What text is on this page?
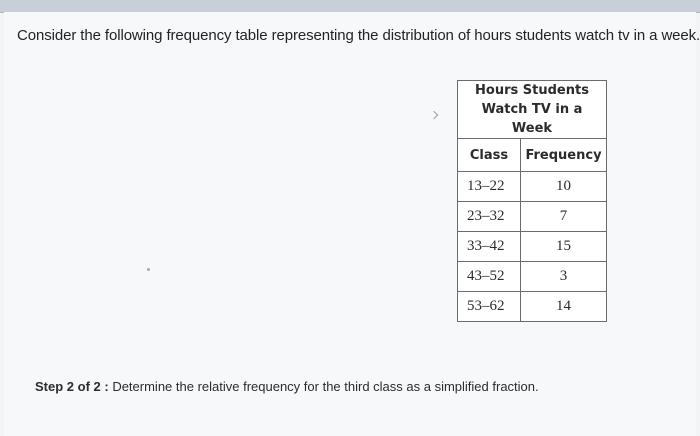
Consider the following frequency table representing the distribution of hours students watch tv in a week.
Hours Students
Watch TV in a Week	
Class	Frequency
13–22	10
23–32	7
33–42	15
43–52	3
53–62	14
Step 2 of 2 : Determine the relative frequency for the third class as a simplified fraction.
